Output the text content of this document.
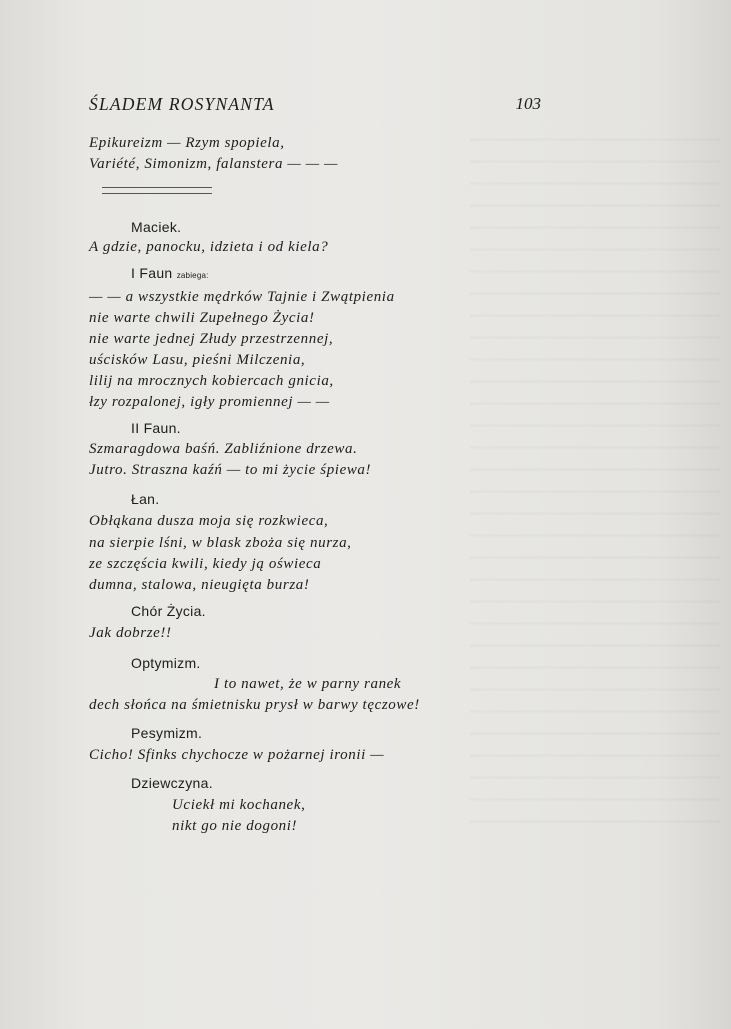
ŚLADEM ROSYNANTA	103
Epikureizm — Rzym spopiela,
Variété, Simonizm, falanstera — — —
Maciek.
A gdzie, panocku, idzieta i od kiela?
I Faun zabiega:
— — a wszystkie mędrków Tajnie i Zwątpienia
nie warte chwili Zupełnego Życia!
nie warte jednej Złudy przestrzennej,
uścisków Lasu, pieśni Milczenia,
lilij na mrocznych kobiercach gnicia,
łzy rozpalonej, igły promiennej — —
II Faun.
Szmaragdowa baśń. Zabliźnione drzewa.
Jutro. Straszna kaźń — to mi życie śpiewa!
Łan.
Obłąkana dusza moja się rozkwieca,
na sierpie lśni, w blask zboża się nurza,
ze szczęścia kwili, kiedy ją oświeca
dumna, stalowa, nieugięta burza!
Chór Życia.
Jak dobrze!!
Optymizm.
I to nawet, że w parny ranek
dech słońca na śmietnisku prysł w barwy tęczowe!
Pesymizm.
Cicho! Sfinks chychocze w pożarnej ironii —
Dziewczyna.
Uciekł mi kochanek,
nikt go nie dogoni!
